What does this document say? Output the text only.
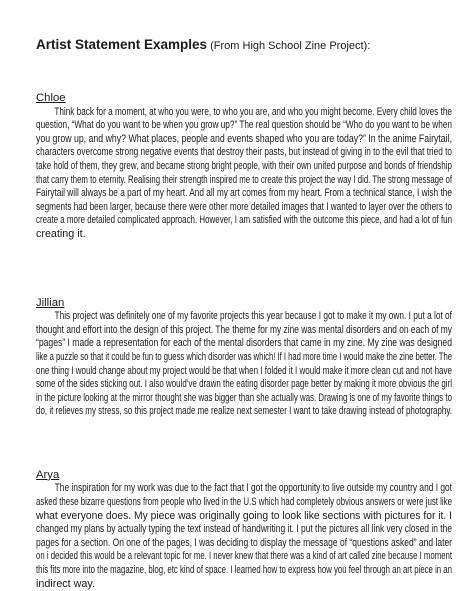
Artist Statement Examples (From High School Zine Project):
Chloe
Think back for a moment, at who you were, to who you are, and who you might become. Every child loves the
question, “What do you want to be when you grow up?” The real question should be “Who do you want to be when
you grow up, and why? What places, people and events shaped who you are today?” In the anime Fairytail,
characters overcome strong negative events that destroy their pasts, but instead of giving in to the evil that tried to
take hold of them, they grew, and became strong bright people, with their own united purpose and bonds of friendship
that carry them to eternity. Realising their strength inspired me to create this project the way I did. The strong message of
Fairytail will always be a part of my heart. And all my art comes from my heart. From a technical stance, I wish the
segments had been larger, because there were other more detailed images that I wanted to layer over the others to
create a more detailed complicated approach. However, I am satisfied with the outcome this piece, and had a lot of fun
creating it.
Jillian
This project was definitely one of my favorite projects this year because I got to make it my own. I put a lot of
thought and effort into the design of this project. The theme for my zine was mental disorders and on each of my
“pages” I made a representation for each of the mental disorders that came in my zine. My zine was designed
like a puzzle so that it could be fun to guess which disorder was which! If I had more time I would make the zine better. The
one thing I would change about my project would be that when I folded it I would make it more clean cut and not have
some of the sides sticking out. I also would’ve drawn the eating disorder page better by making it more obvious the girl
in the picture looking at the mirror thought she was bigger than she actually was. Drawing is one of my favorite things to
do, it relieves my stress, so this project made me realize next semester I want to take drawing instead of photography.
Arya
The inspiration for my work was due to the fact that I got the opportunity to live outside my country and I got
asked these bizarre questions from people who lived in the U.S which had completely obvious answers or were just like
what everyone does. My piece was originally going to look like sections with pictures for it. I
changed my plans by actually typing the text instead of handwriting it. I put the pictures all link very closed in the
pages for a section. On one of the pages, I was deciding to display the message of “questions asked” and later
on i decided this would be a relevant topic for me. I never knew that there was a kind of art called zine because I moment
this fits more into the magazine, blog, etc kind of space. I learned how to express how you feel through an art piece in an
indirect way.
